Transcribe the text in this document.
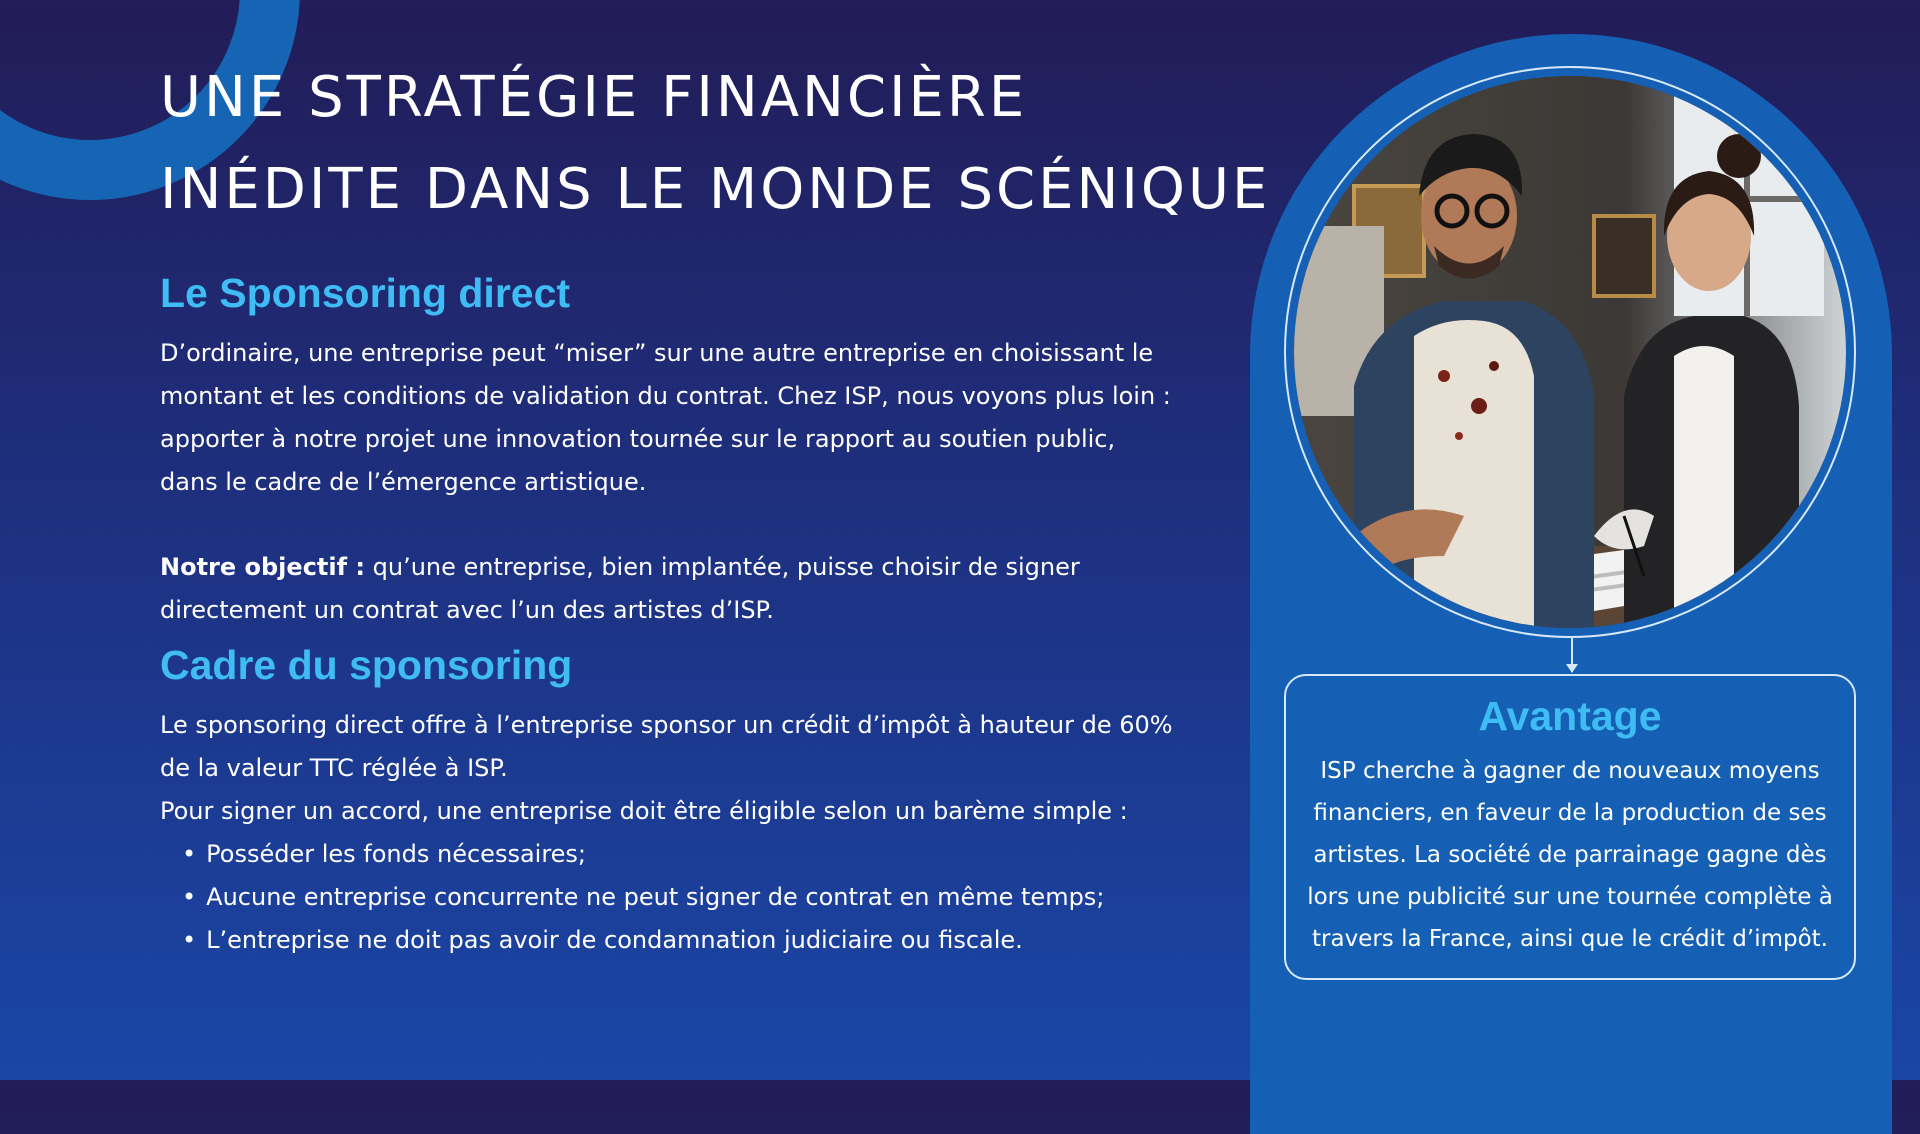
UNE STRATÉGIE FINANCIÈRE
INÉDITE DANS LE MONDE SCÉNIQUE
Le Sponsoring direct

D’ordinaire, une entreprise peut “miser” sur une autre entreprise en choisissant le montant et les conditions de validation du contrat. Chez ISP, nous voyons plus loin : apporter à notre projet une innovation tournée sur le rapport au soutien public, dans le cadre de l’émergence artistique.

Notre objectif : qu’une entreprise, bien implantée, puisse choisir de signer directement un contrat avec l’un des artistes d’ISP.

Cadre du sponsoring

Le sponsoring direct offre à l’entreprise sponsor un crédit d’impôt à hauteur de 60% de la valeur TTC réglée à ISP.

Pour signer un accord, une entreprise doit être éligible selon un barème simple :

• Posséder les fonds nécessaires;
• Aucune entreprise concurrente ne peut signer de contrat en même temps;
• L’entreprise ne doit pas avoir de condamnation judiciaire ou fiscale.
Avantage

ISP cherche à gagner de nouveaux moyens financiers, en faveur de la production de ses artistes. La société de parrainage gagne dès lors une publicité sur une tournée complète à travers la France, ainsi que le crédit d’impôt.
